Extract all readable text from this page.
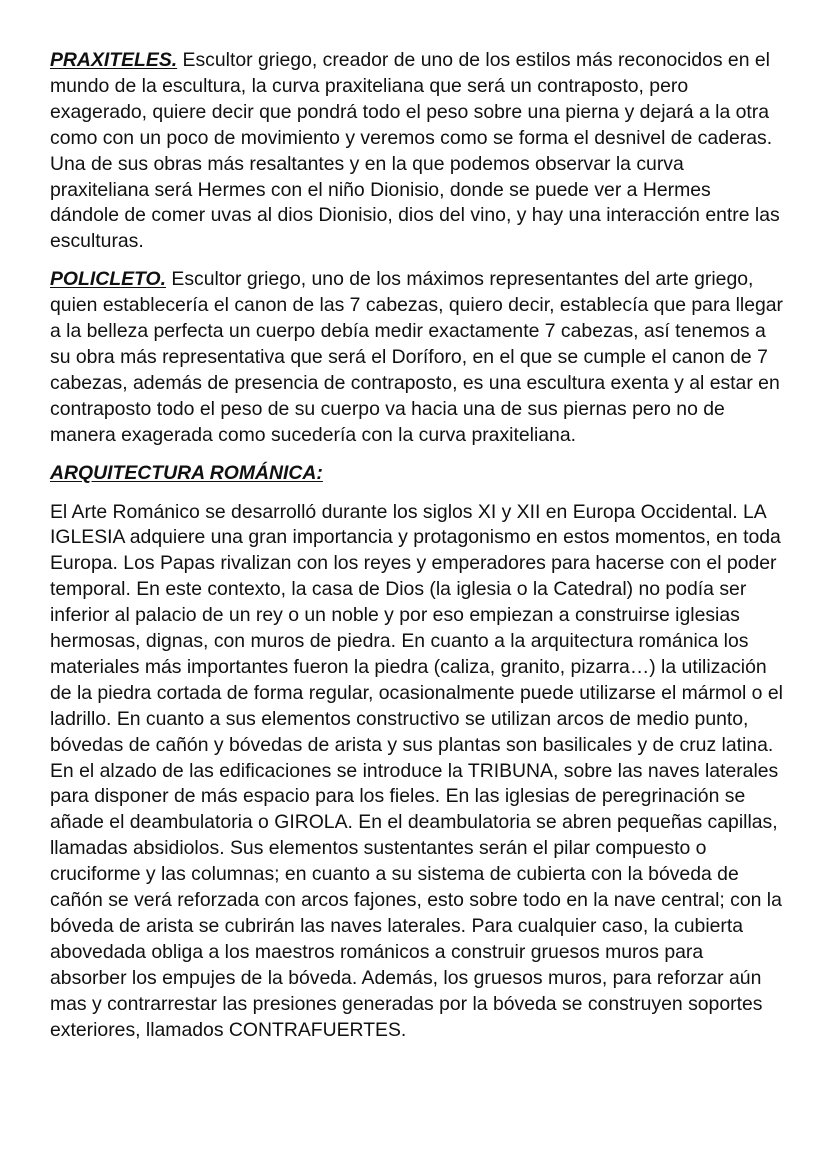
PRAXITELES. Escultor griego, creador de uno de los estilos más reconocidos en el mundo de la escultura, la curva praxiteliana que será un contraposto, pero exagerado, quiere decir que pondrá todo el peso sobre una pierna y dejará a la otra como con un poco de movimiento y veremos como se forma el desnivel de caderas. Una de sus obras más resaltantes y en la que podemos observar la curva praxiteliana será Hermes con el niño Dionisio, donde se puede ver a Hermes dándole de comer uvas al dios Dionisio, dios del vino, y hay una interacción entre las esculturas.

POLICLETO. Escultor griego, uno de los máximos representantes del arte griego, quien establecería el canon de las 7 cabezas, quiero decir, establecía que para llegar a la belleza perfecta un cuerpo debía medir exactamente 7 cabezas, así tenemos a su obra más representativa que será el Doríforo, en el que se cumple el canon de 7 cabezas, además de presencia de contraposto, es una escultura exenta y al estar en contraposto todo el peso de su cuerpo va hacia una de sus piernas pero no de manera exagerada como sucedería con la curva praxiteliana.

ARQUITECTURA ROMÁNICA:

El Arte Románico se desarrolló durante los siglos XI y XII en Europa Occidental. LA IGLESIA adquiere una gran importancia y protagonismo en estos momentos, en toda Europa. Los Papas rivalizan con los reyes y emperadores para hacerse con el poder temporal. En este contexto, la casa de Dios (la iglesia o la Catedral) no podía ser inferior al palacio de un rey o un noble y por eso empiezan a construirse iglesias hermosas, dignas, con muros de piedra. En cuanto a la arquitectura románica los materiales más importantes fueron la piedra (caliza, granito, pizarra…) la utilización de la piedra cortada de forma regular, ocasionalmente puede utilizarse el mármol o el ladrillo. En cuanto a sus elementos constructivo se utilizan arcos de medio punto, bóvedas de cañón y bóvedas de arista y sus plantas son basilicales y de cruz latina. En el alzado de las edificaciones se introduce la TRIBUNA, sobre las naves laterales para disponer de más espacio para los fieles. En las iglesias de peregrinación se añade el deambulatoria o GIROLA. En el deambulatoria se abren pequeñas capillas, llamadas absidiolos. Sus elementos sustentantes serán el pilar compuesto o cruciforme y las columnas; en cuanto a su sistema de cubierta con la bóveda de cañón se verá reforzada con arcos fajones, esto sobre todo en la nave central; con la bóveda de arista se cubrirán las naves laterales. Para cualquier caso, la cubierta abovedada obliga a los maestros románicos a construir gruesos muros para absorber los empujes de la bóveda. Además, los gruesos muros, para reforzar aún mas y contrarrestar las presiones generadas por la bóveda se construyen soportes exteriores, llamados CONTRAFUERTES.
